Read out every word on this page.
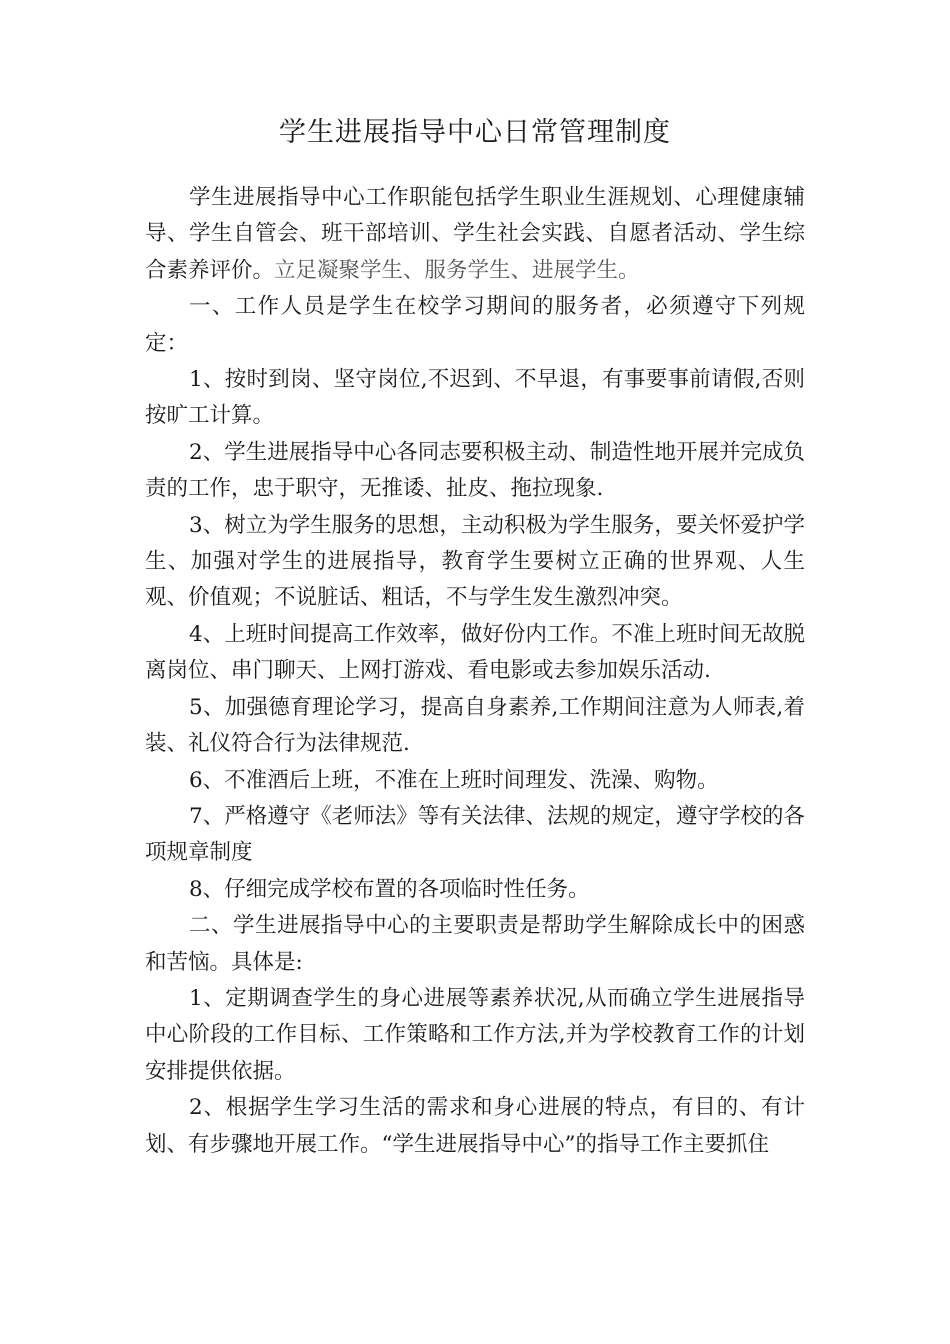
学生进展指导中心日常管理制度

学生进展指导中心工作职能包括学生职业生涯规划、心理健康辅导、学生自管会、班干部培训、学生社会实践、自愿者活动、学生综合素养评价。立足凝聚学生、服务学生、进展学生。

一、工作人员是学生在校学习期间的服务者，必须遵守下列规定：

1、按时到岗、坚守岗位,不迟到、不早退，有事要事前请假,否则按旷工计算。

2、学生进展指导中心各同志要积极主动、制造性地开展并完成负责的工作，忠于职守，无推诿、扯皮、拖拉现象.

3、树立为学生服务的思想，主动积极为学生服务，要关怀爱护学生、加强对学生的进展指导，教育学生要树立正确的世界观、人生观、价值观；不说脏话、粗话，不与学生发生激烈冲突。

4、上班时间提高工作效率，做好份内工作。不准上班时间无故脱离岗位、串门聊天、上网打游戏、看电影或去参加娱乐活动.

5、加强德育理论学习，提高自身素养,工作期间注意为人师表,着装、礼仪符合行为法律规范.

6、不准酒后上班，不准在上班时间理发、洗澡、购物。

7、严格遵守《老师法》等有关法律、法规的规定，遵守学校的各项规章制度

8、仔细完成学校布置的各项临时性任务。

二、学生进展指导中心的主要职责是帮助学生解除成长中的困惑和苦恼。具体是:

1、定期调查学生的身心进展等素养状况,从而确立学生进展指导中心阶段的工作目标、工作策略和工作方法,并为学校教育工作的计划安排提供依据。

2、根据学生学习生活的需求和身心进展的特点，有目的、有计划、有步骤地开展工作。“学生进展指导中心”的指导工作主要抓住
